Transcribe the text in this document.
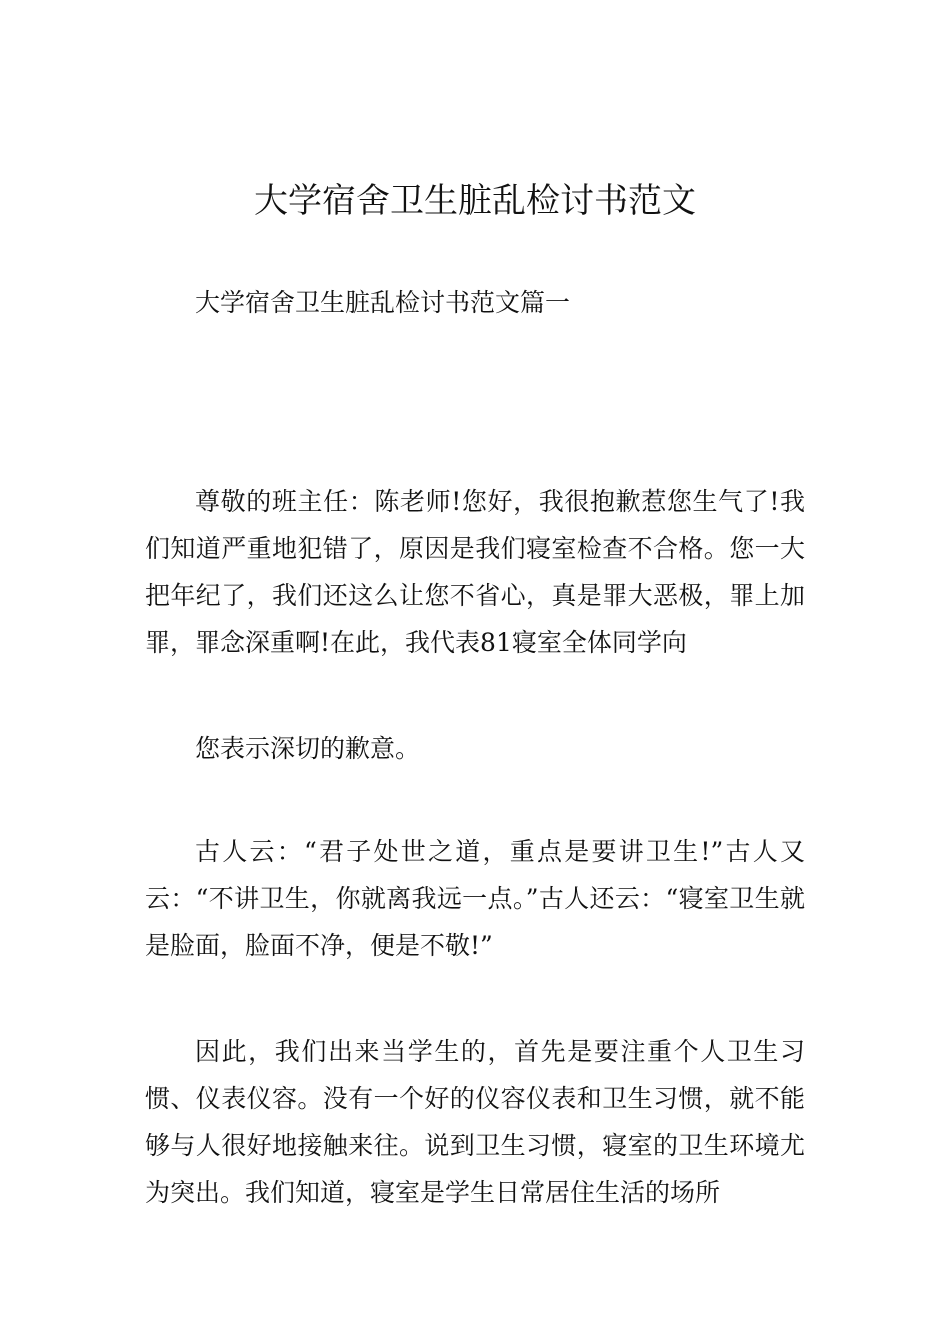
大学宿舍卫生脏乱检讨书范文

大学宿舍卫生脏乱检讨书范文篇一

尊敬的班主任：陈老师!您好，我很抱歉惹您生气了!我们知道严重地犯错了，原因是我们寝室检查不合格。您一大把年纪了，我们还这么让您不省心，真是罪大恶极，罪上加罪，罪念深重啊!在此，我代表81寝室全体同学向

您表示深切的歉意。

古人云：“君子处世之道，重点是要讲卫生!”古人又云：“不讲卫生，你就离我远一点。”古人还云：“寝室卫生就是脸面，脸面不净，便是不敬!”

因此，我们出来当学生的，首先是要注重个人卫生习惯、仪表仪容。没有一个好的仪容仪表和卫生习惯，就不能够与人很好地接触来往。说到卫生习惯，寝室的卫生环境尤为突出。我们知道，寝室是学生日常居住生活的场所
